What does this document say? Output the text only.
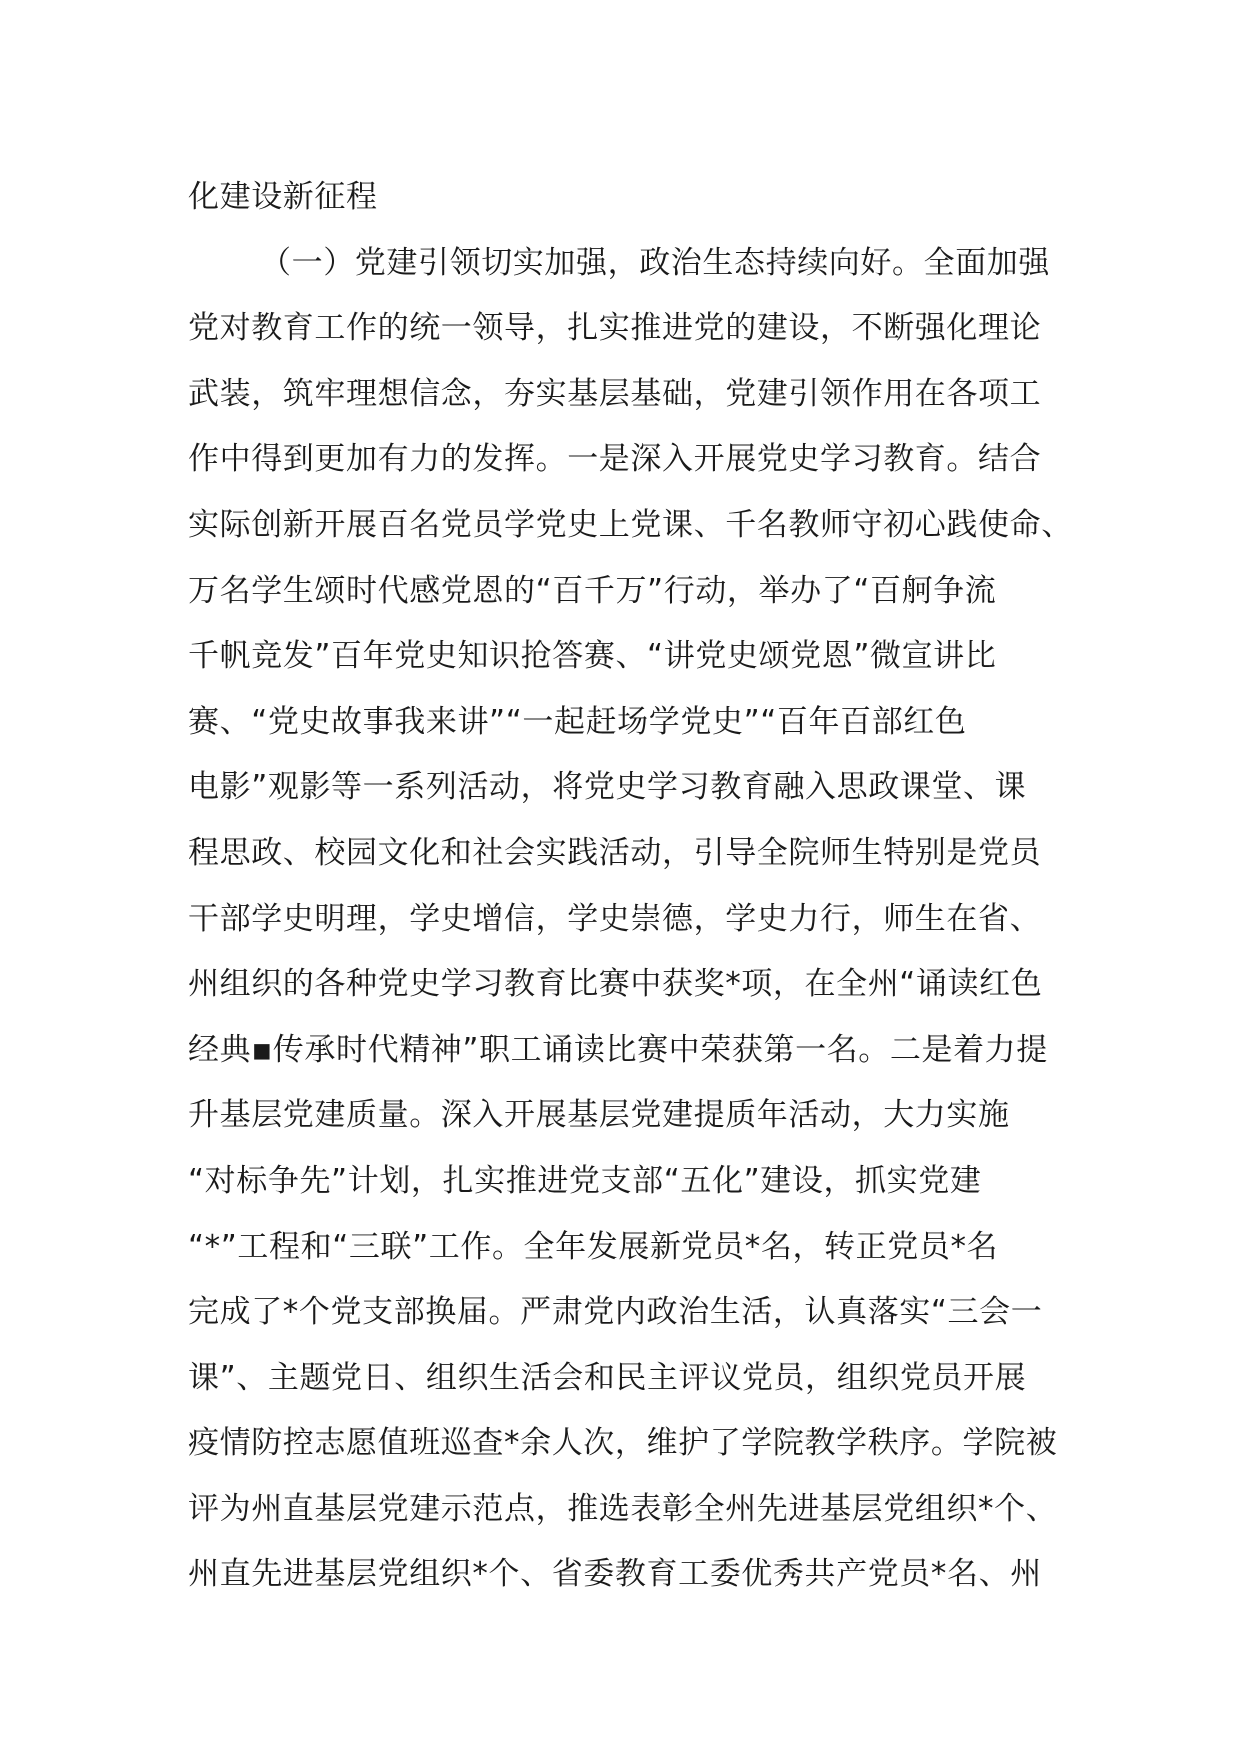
化建设新征程
（一）党建引领切实加强，政治生态持续向好。全面加强
党对教育工作的统一领导，扎实推进党的建设，不断强化理论
武装，筑牢理想信念，夯实基层基础，党建引领作用在各项工
作中得到更加有力的发挥。一是深入开展党史学习教育。结合
实际创新开展百名党员学党史上党课、千名教师守初心践使命、
万名学生颂时代感党恩的“百千万”行动，举办了“百舸争流
千帆竞发”百年党史知识抢答赛、“讲党史颂党恩”微宣讲比
赛、“党史故事我来讲”“一起赶场学党史”“百年百部红色
电影”观影等一系列活动，将党史学习教育融入思政课堂、课
程思政、校园文化和社会实践活动，引导全院师生特别是党员
干部学史明理，学史增信，学史崇德，学史力行，师生在省、
州组织的各种党史学习教育比赛中获奖*项，在全州“诵读红色
经典▪传承时代精神”职工诵读比赛中荣获第一名。二是着力提
升基层党建质量。深入开展基层党建提质年活动，大力实施
“对标争先”计划，扎实推进党支部“五化”建设，抓实党建
“*”工程和“三联”工作。全年发展新党员*名，转正党员*名
完成了*个党支部换届。严肃党内政治生活，认真落实“三会一
课”、主题党日、组织生活会和民主评议党员，组织党员开展
疫情防控志愿值班巡查*余人次，维护了学院教学秩序。学院被
评为州直基层党建示范点，推选表彰全州先进基层党组织*个、
州直先进基层党组织*个、省委教育工委优秀共产党员*名、州
